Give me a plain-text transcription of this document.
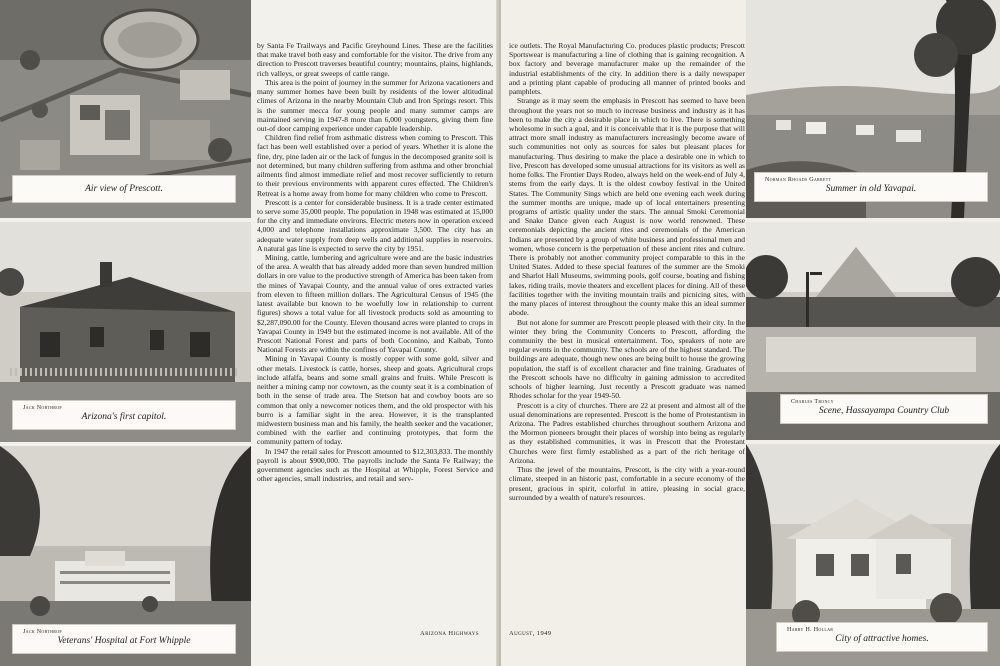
Air view of Prescott.
Jack Northrop
Arizona's first capitol.
Jack Northrop
Veterans' Hospital at Fort Whipple

by Santa Fe Trailways and Pacific Greyhound Lines. These are the facilities that make travel both easy and comfortable for the visitor. The drive from any direction to Prescott traverses beautiful country; mountains, plains, highlands, rich valleys, or great sweeps of cattle range.

This area is the point of journey in the summer for Arizona vacationers and many summer homes have been built by residents of the lower altitudinal climes of Arizona in the nearby Mountain Club and Iron Springs resort. This is the summer mecca for young people and many summer camps are maintained serving in 1947-8 more than 6,000 youngsters, giving them fine out-of door camping experience under capable leadership.

Children find relief from asthmatic distress when coming to Prescott. This fact has been well established over a period of years. Whether it is alone the fine, dry, pine laden air or the lack of fungus in the decomposed granite soil is not determined, but many children suffering from asthma and other bronchial ailments find almost immediate relief and most recover sufficiently to return to their previous environments with apparent cures effected. The Children's Retreat is a home away from home for many children who come to Prescott.

Prescott is a center for considerable business. It is a trade center estimated to serve some 35,000 people. The population in 1948 was estimated at 15,000 for the city and immediate environs. Electric meters now in operation exceed 4,000 and telephone installations approximate 3,500. The city has an adequate water supply from deep wells and additional supplies in reservoirs. A natural gas line is expected to serve the city by 1951.

Mining, cattle, lumbering and agriculture were and are the basic industries of the area. A wealth that has already added more than seven hundred million dollars in ore value to the productive strength of America has been taken from the mines of Yavapai County, and the annual value of ores extracted varies from eleven to fifteen million dollars. The Agricultural Census of 1945 (the latest available but known to be woefully low in relationship to current figures) shows a total value for all livestock products sold as amounting to $2,287,090.00 for the County. Eleven thousand acres were planted to crops in Yavapai County in 1949 but the estimated income is not available. All of the Prescott National Forest and parts of both Coconino, and Kaibab, Tonto National Forests are within the confines of Yavapai County.

Mining in Yavapai County is mostly copper with some gold, silver and other metals. Livestock is cattle, horses, sheep and goats. Agricultural crops include alfalfa, beans and some small grains and fruits. While Prescott is neither a mining camp nor cowtown, as the county seat it is a combination of both in the sense of trade area. The Stetson hat and cowboy boots are so common that only a newcomer notices them, and the old prospector with his burro is a familiar sight in the area. However, it is the transplanted midwestern business man and his family, the health seeker and the vacationer, combined with the earlier and continuing prototypes, that form the community pattern of today.

In 1947 the retail sales for Prescott amounted to $12,303,833. The monthly payroll is about $900,000. The payrolls include the Santa Fe Railway; the government agencies such as the Hospital at Whipple, Forest Service and other agencies, small industries, and retail and serv-

Arizona Highways

ice outlets. The Royal Manufacturing Co. produces plastic products; Prescott Sportswear is manufacturing a line of clothing that is gaining recognition. A box factory and beverage manufacturer make up the remainder of the industrial establishments of the city. In addition there is a daily newspaper and a printing plant capable of producing all manner of printed books and pamphlets.

Strange as it may seem the emphasis in Prescott has seemed to have been throughout the years not so much to increase business and industry as it has been to make the city a desirable place in which to live. There is something wholesome in such a goal, and it is conceivable that it is the purpose that will attract more small industry as manufacturers increasingly become aware of such communities not only as sources for sales but pleasant places for manufacturing. Thus desiring to make the place a desirable one in which to live, Prescott has developed some unusual attractions for its visitors as well as home folks. The Frontier Days Rodeo, always held on the week-end of July 4, stems from the early days. It is the oldest cowboy festival in the United States. The Community Sings which are held one evening each week during the summer months are unique, made up of local entertainers presenting programs of artistic quality under the stars. The annual Smoki Ceremonial and Snake Dance given each August is now world renowned. These ceremonials depicting the ancient rites and ceremonials of the American Indians are presented by a group of white business and professional men and women, whose concern is the perpetuation of these ancient rites and culture. There is probably not another community project comparable to this in the United States. Added to these special features of the summer are the Smoki and Sharlot Hall Museums, swimming pools, golf course, boating and fishing lakes, riding trails, movie theaters and excellent places for dining. All of these facilities together with the inviting mountain trails and picnicing sites, with the many places of interest throughout the county make this an ideal summer abode.

But not alone for summer are Prescott people pleased with their city. In the winter they bring the Community Concerts to Prescott, affording the community the best in musical entertainment. Too, speakers of note are regular events in the community. The schools are of the highest standard. The buildings are adequate, though new ones are being built to house the growing population, the staff is of excellent character and fine training. Graduates of the Prescott schools have no difficulty in gaining admission to accredited schools of higher learning. Just recently a Prescott graduate was named Rhodes scholar for the year 1949-50.

Prescott is a city of churches. There are 22 at present and almost all of the usual denominations are represented. Prescott is the home of Protestantism in Arizona. The Padres established churches throughout southern Arizona and the Mormon pioneers brought their places of worship into being as regularly as they established communities, it was in Prescott that the Protestant Churches were first firmly established as a part of the rich heritage of Arizona.

Thus the jewel of the mountains, Prescott, is the city with a year-round climate, steeped in an historic past, comfortable in a secure economy of the present, gracious in spirit, colorful in attire, pleasing in social grace, surrounded by a wealth of nature's resources.

August, 1949
Norman Rhoads Garrett
Summer in old Yavapai.
Charles Troncy
Scene, Hassayampa Country Club
Harry H. Hollar
City of attractive homes.
